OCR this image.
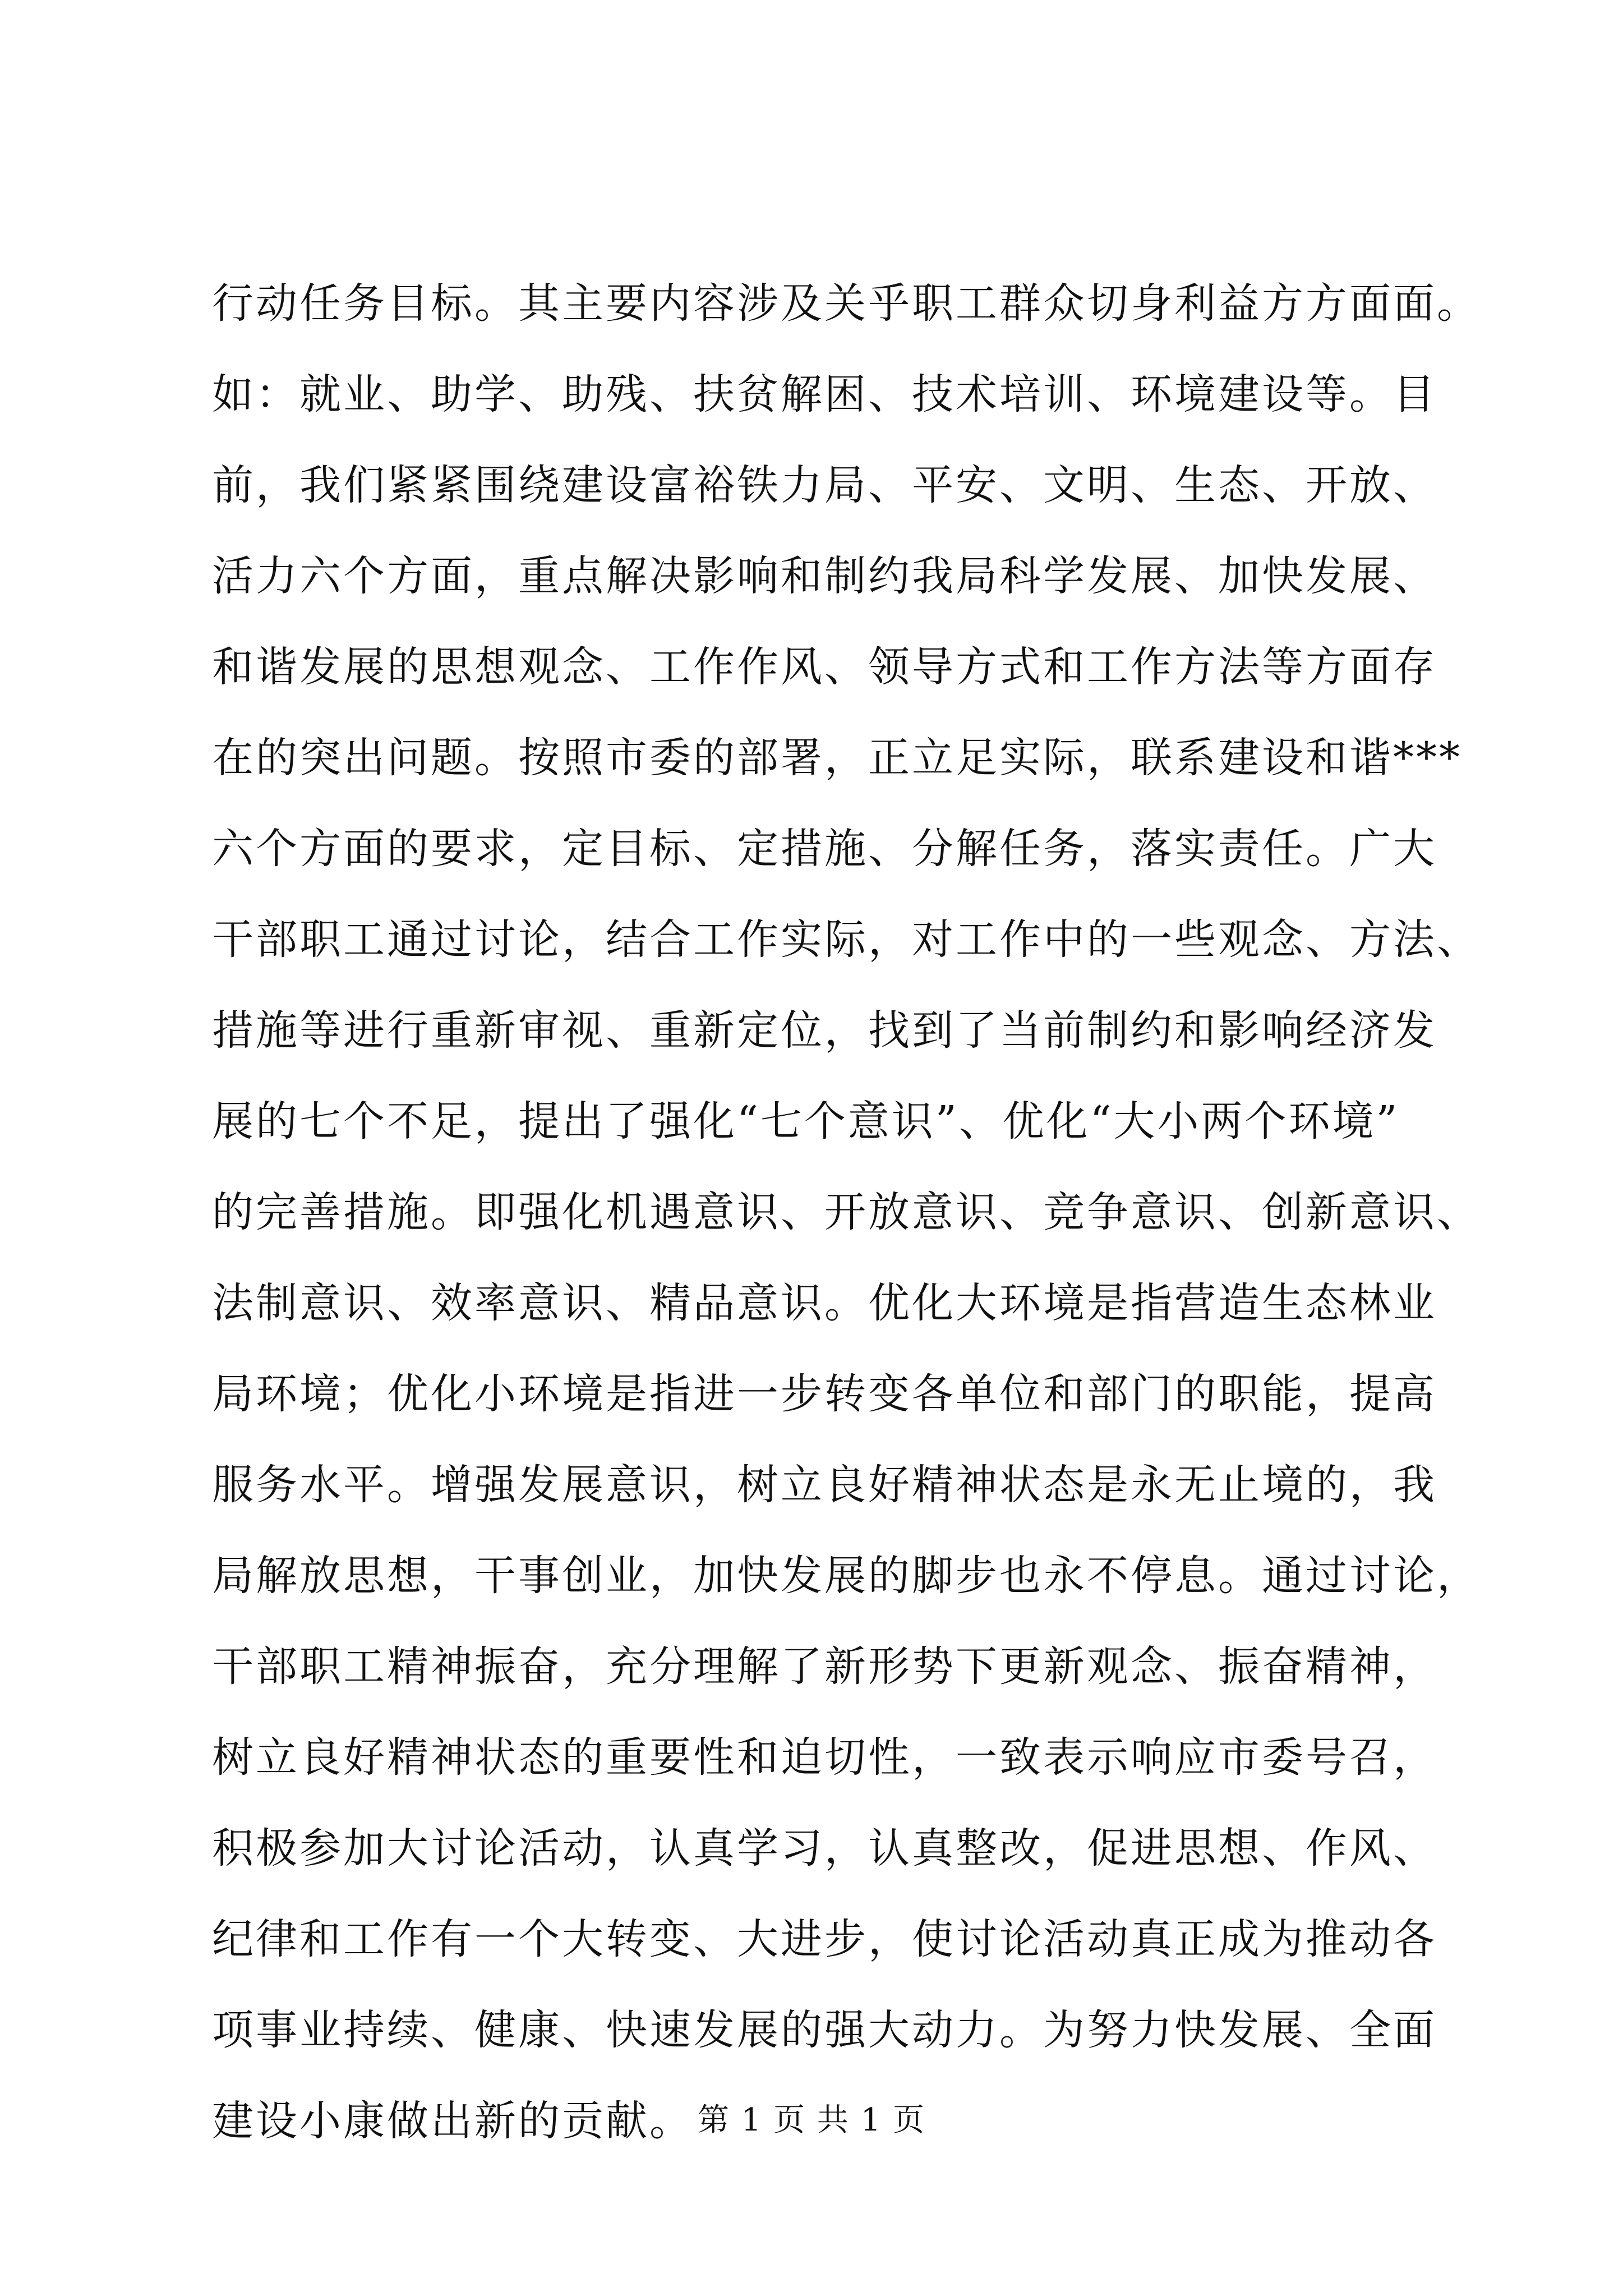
行动任务目标。其主要内容涉及关乎职工群众切身利益方方面面。
如：就业、助学、助残、扶贫解困、技术培训、环境建设等。目
前，我们紧紧围绕建设富裕铁力局、平安、文明、生态、开放、
活力六个方面，重点解决影响和制约我局科学发展、加快发展、
和谐发展的思想观念、工作作风、领导方式和工作方法等方面存
在的突出问题。按照市委的部署，正立足实际，联系建设和谐***
六个方面的要求，定目标、定措施、分解任务，落实责任。广大
干部职工通过讨论，结合工作实际，对工作中的一些观念、方法、
措施等进行重新审视、重新定位，找到了当前制约和影响经济发
展的七个不足，提出了强化“七个意识”、优化“大小两个环境”
的完善措施。即强化机遇意识、开放意识、竞争意识、创新意识、
法制意识、效率意识、精品意识。优化大环境是指营造生态林业
局环境；优化小环境是指进一步转变各单位和部门的职能，提高
服务水平。增强发展意识，树立良好精神状态是永无止境的，我
局解放思想，干事创业，加快发展的脚步也永不停息。通过讨论，
干部职工精神振奋，充分理解了新形势下更新观念、振奋精神，
树立良好精神状态的重要性和迫切性，一致表示响应市委号召，
积极参加大讨论活动，认真学习，认真整改，促进思想、作风、
纪律和工作有一个大转变、大进步，使讨论活动真正成为推动各
项事业持续、健康、快速发展的强大动力。为努力快发展、全面
建设小康做出新的贡献。 第 1 页 共 1 页
